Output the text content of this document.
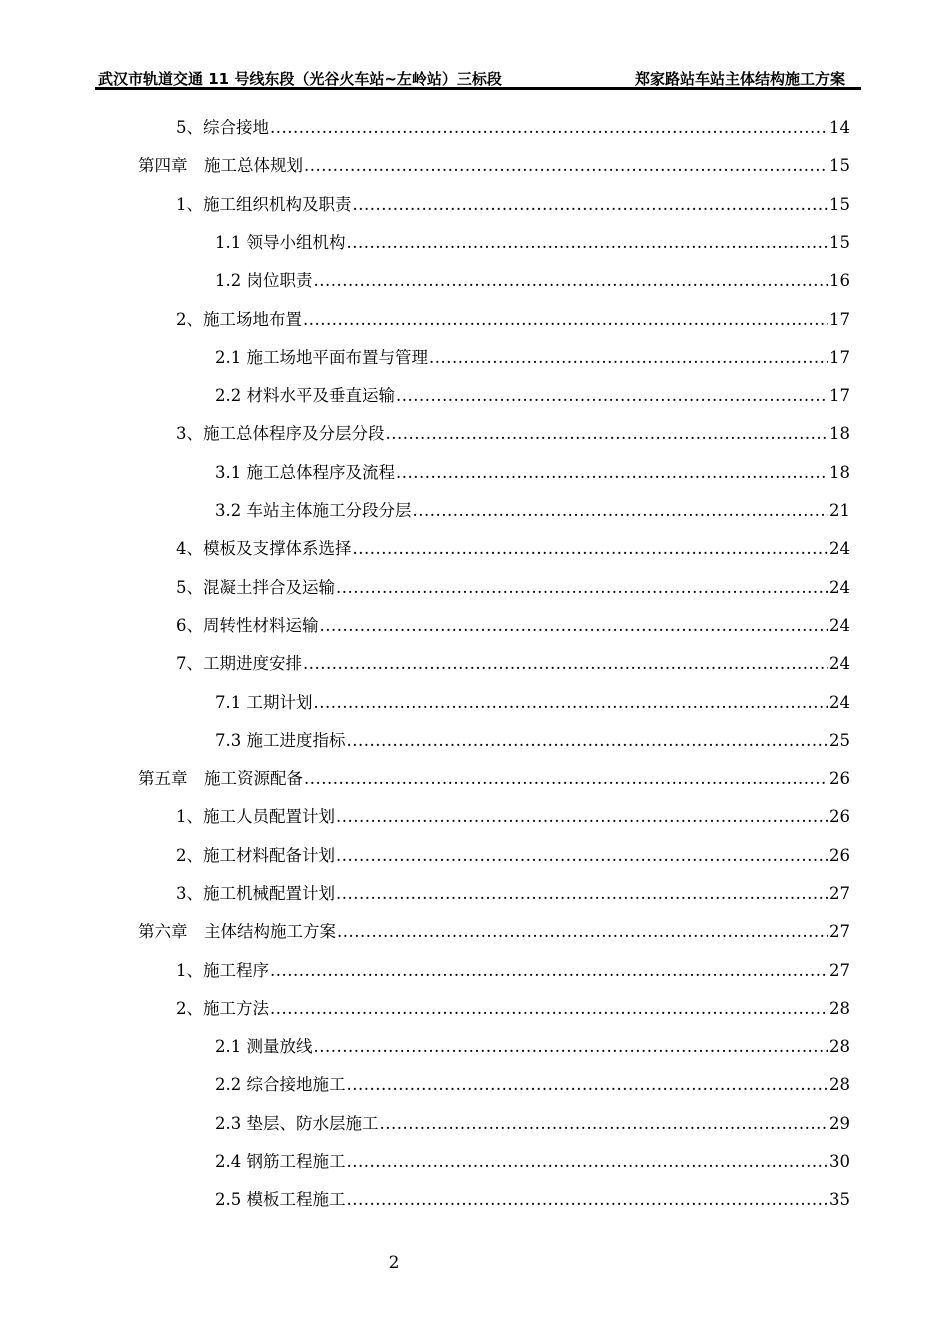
武汉市轨道交通 11 号线东段（光谷火车站~左岭站）三标段	郑家路站车站主体结构施工方案
5、综合接地 .....	14
第四章　施工总体规划 .....	15
1、施工组织机构及职责 .....	15
1.1 领导小组机构 .....	15
1.2 岗位职责 .....	16
2、施工场地布置 .....	17
2.1 施工场地平面布置与管理 .....	17
2.2 材料水平及垂直运输 .....	17
3、施工总体程序及分层分段 .....	18
3.1 施工总体程序及流程 .....	18
3.2 车站主体施工分段分层 .....	21
4、模板及支撑体系选择 .....	24
5、混凝土拌合及运输 .....	24
6、周转性材料运输 .....	24
7、工期进度安排 .....	24
7.1 工期计划 .....	24
7.3 施工进度指标 .....	25
第五章　施工资源配备 .....	26
1、施工人员配置计划 .....	26
2、施工材料配备计划 .....	26
3、施工机械配置计划 .....	27
第六章　主体结构施工方案 .....	27
1、施工程序 .....	27
2、施工方法 .....	28
2.1 测量放线 .....	28
2.2 综合接地施工 .....	28
2.3 垫层、防水层施工 .....	29
2.4 钢筋工程施工 .....	30
2.5 模板工程施工 .....	35
2
